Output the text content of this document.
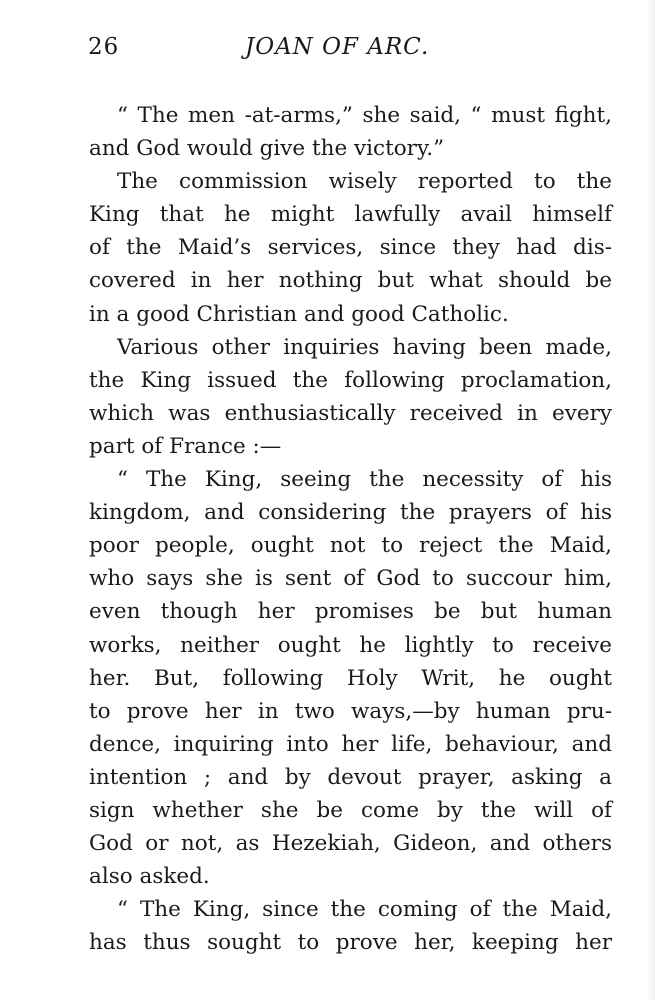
26	JOAN OF ARC.
“ The men -at-arms,” she said, “ must fight,
and God would give the victory.”
The commission wisely reported to the
King that he might lawfully avail himself
of the Maid’s services, since they had dis-
covered in her nothing but what should be
in a good Christian and good Catholic.
Various other inquiries having been made,
the King issued the following proclamation,
which was enthusiastically received in every
part of France :—
“ The King, seeing the necessity of his
kingdom, and considering the prayers of his
poor people, ought not to reject the Maid,
who says she is sent of God to succour him,
even though her promises be but human
works, neither ought he lightly to receive
her. But, following Holy Writ, he ought
to prove her in two ways,—by human pru-
dence, inquiring into her life, behaviour, and
intention ; and by devout prayer, asking a
sign whether she be come by the will of
God or not, as Hezekiah, Gideon, and others
also asked.
“ The King, since the coming of the Maid,
has thus sought to prove her, keeping her
